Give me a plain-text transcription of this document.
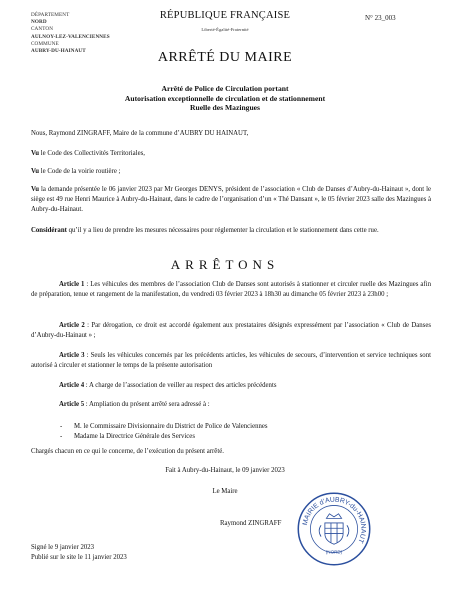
DÉPARTEMENT
NORD
CANTON
AULNOY-LEZ-VALENCIENNES
COMMUNE
AUBRY-DU-HAINAUT
RÉPUBLIQUE FRANÇAISE
Liberté-Égalité-Fraternité
N° 23_003
ARRÊTÉ DU MAIRE
Arrêté de Police de Circulation portant
Autorisation exceptionnelle de circulation et de stationnement
Ruelle des Mazingues
Nous, Raymond ZINGRAFF, Maire de la commune d’AUBRY DU HAINAUT,
Vu le Code des Collectivités Territoriales,
Vu le Code de la voirie routière ;
Vu la demande présentée le 06 janvier 2023 par Mr Georges DENYS, président de l’association « Club de Danses d’Aubry-du-Hainaut », dont le siège est 49 rue Henri Maurice à Aubry-du-Hainaut, dans le cadre de l’organisation d’un « Thé Dansant », le 05 février 2023 salle des Mazingues à Aubry-du-Hainaut.
Considérant qu’il y a lieu de prendre les mesures nécessaires pour réglementer la circulation et le stationnement dans cette rue.
ARRÊTONS
Article 1 : Les véhicules des membres de l’association Club de Danses sont autorisés à stationner et circuler ruelle des Mazingues afin de préparation, tenue et rangement de la manifestation, du vendredi 03 février 2023 à 18h30 au dimanche 05 février 2023 à 23h00 ;
Article 2 : Par dérogation, ce droit est accordé également aux prestataires désignés expressément par l’association « Club de Danses d’Aubry-du-Hainaut » ;
Article 3 : Seuls les véhicules concernés par les précédents articles, les véhicules de secours, d’intervention et service techniques sont autorisé à circuler et stationner le temps de la présente autorisation
Article 4 : A charge de l’association de veiller au respect des articles précédents
Article 5 : Ampliation du présent arrêté sera adressé à :
- M. le Commissaire Divisionnaire du District de Police de Valenciennes
- Madame la Directrice Générale des Services
Chargés chacun en ce qui le concerne, de l’exécution du présent arrêté.
Fait à Aubry-du-Hainaut, le 09 janvier 2023
Le Maire
Raymond ZINGRAFF MAIRIE d’AUBRY-du-HAINAUT
(NORD)
Signé le 9 janvier 2023
Publié sur le site le 11 janvier 2023
